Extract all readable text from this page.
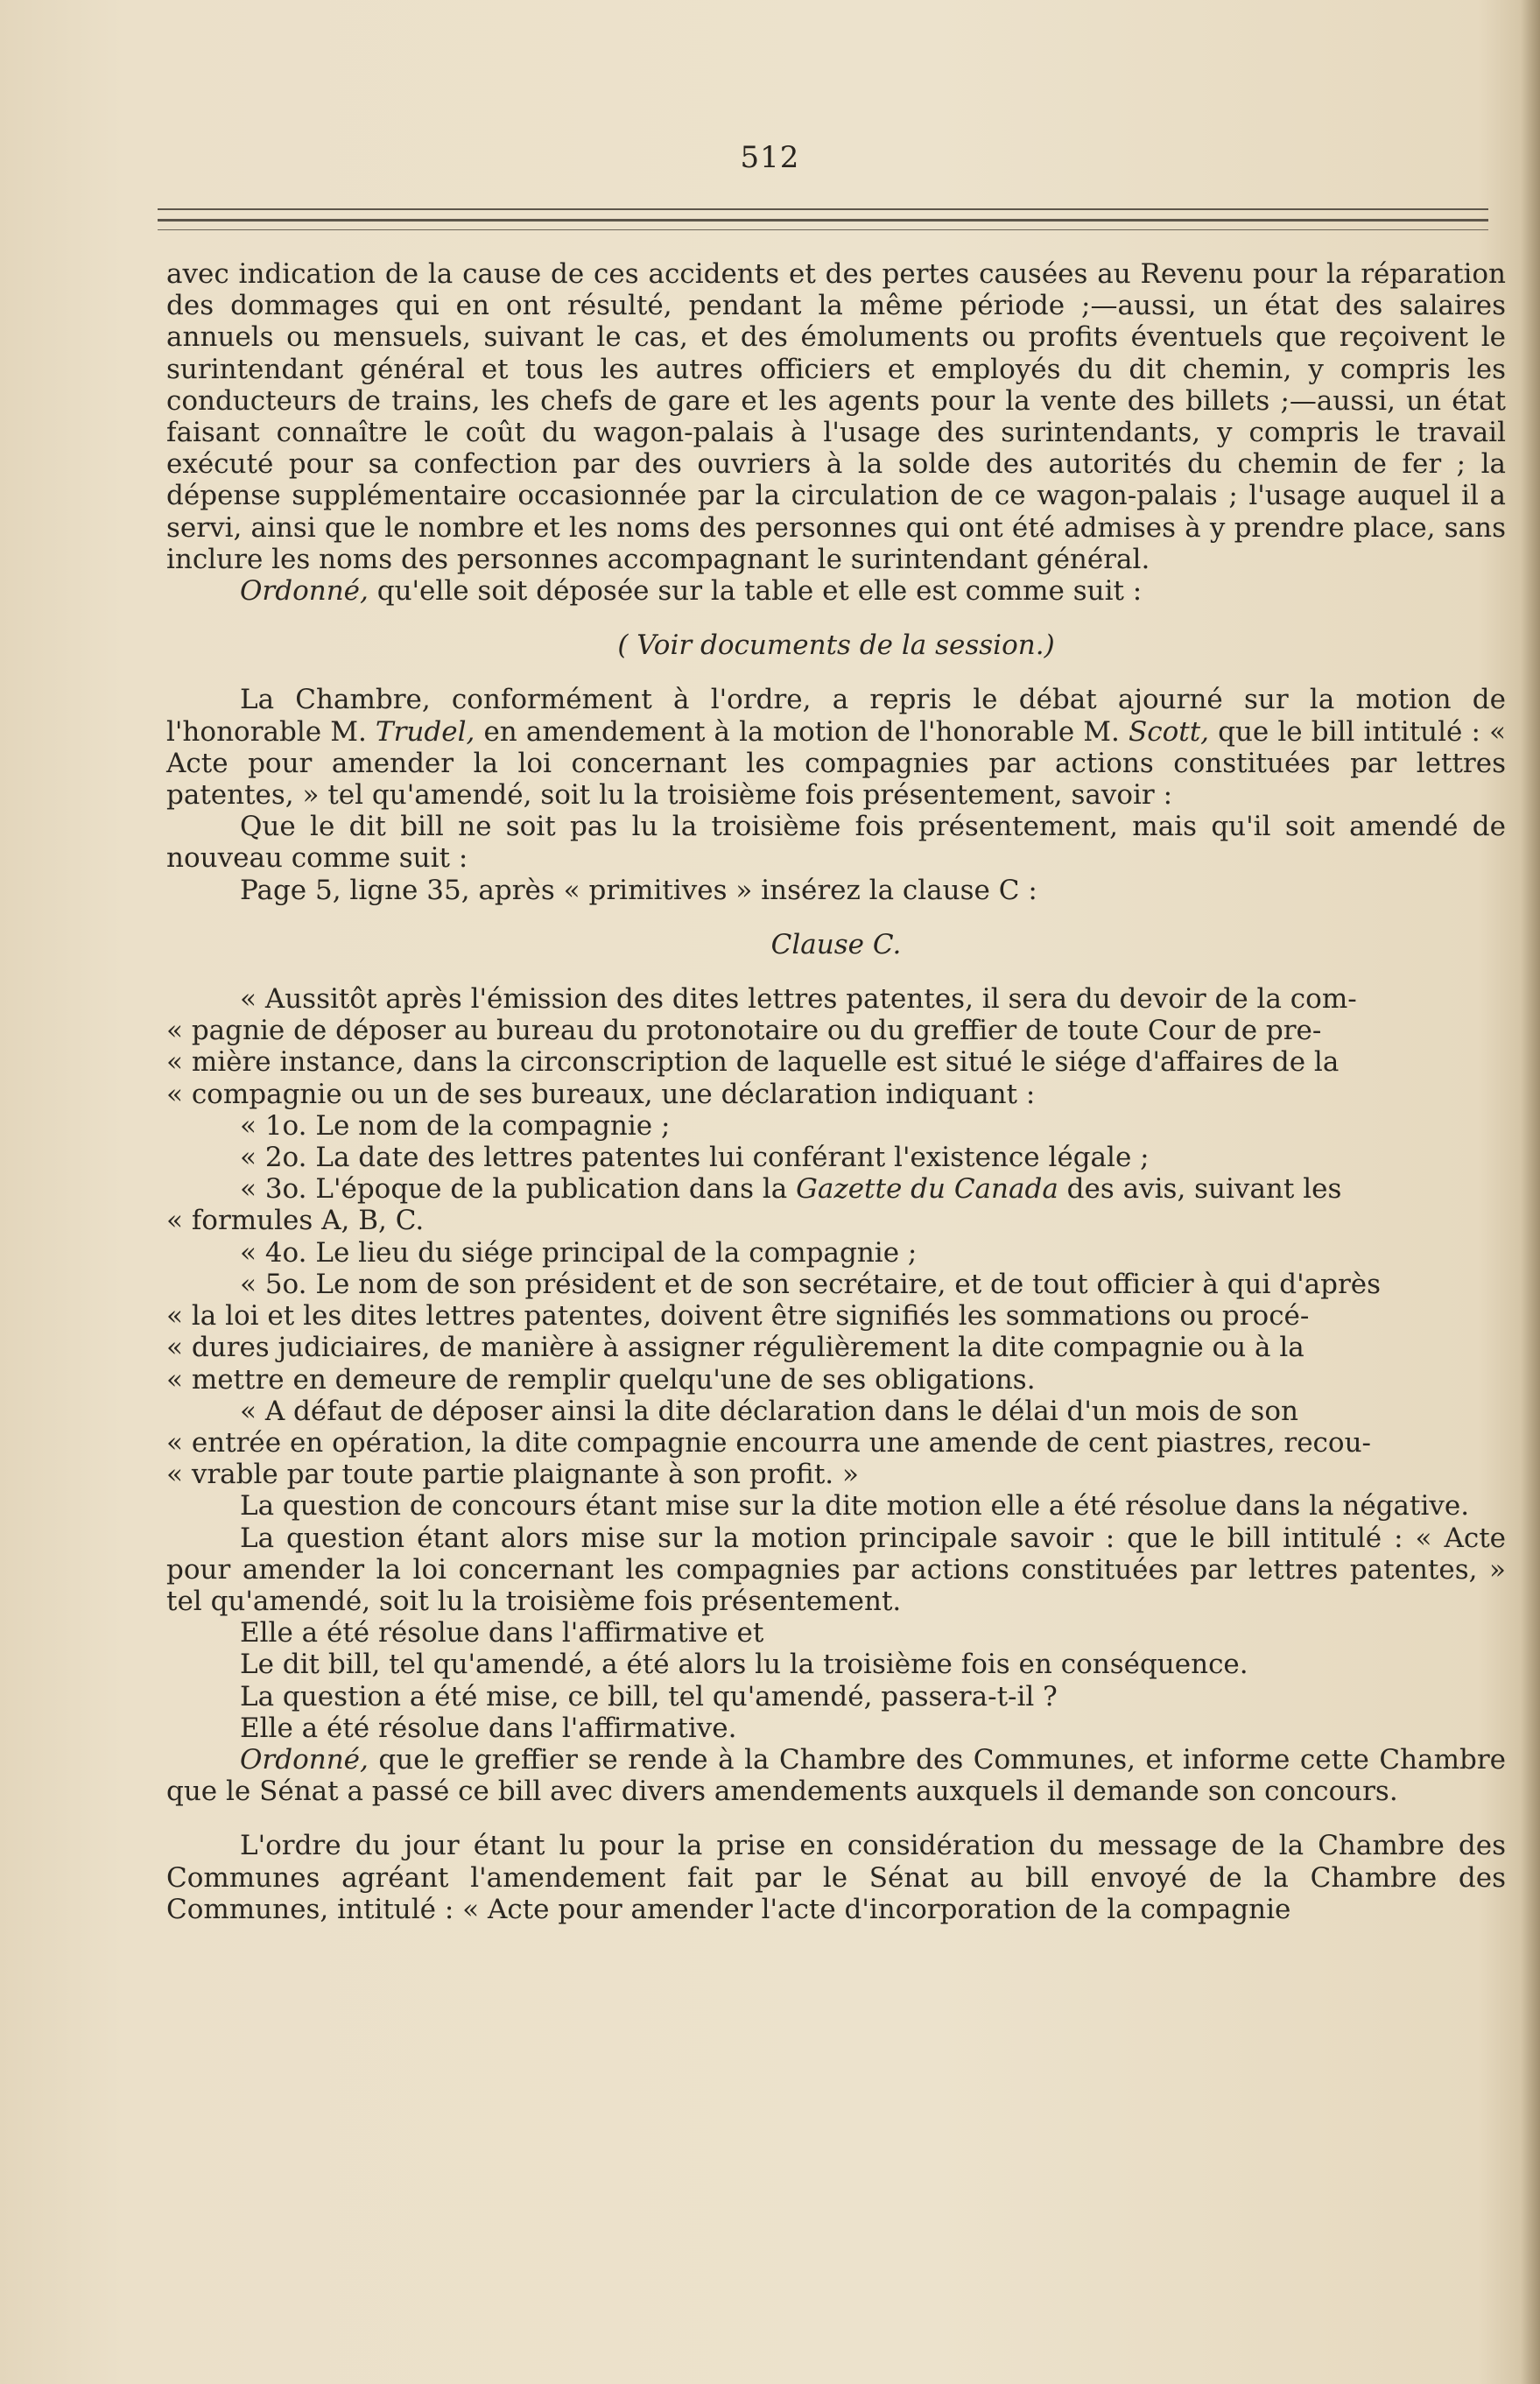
512

avec indication de la cause de ces accidents et des pertes causées au Revenu pour la réparation des dommages qui en ont résulté, pendant la même période ;—aussi, un état des salaires annuels ou mensuels, suivant le cas, et des émoluments ou profits éventuels que reçoivent le surintendant général et tous les autres officiers et employés du dit chemin, y compris les conducteurs de trains, les chefs de gare et les agents pour la vente des billets ;—aussi, un état faisant connaître le coût du wagon-palais à l'usage des surintendants, y compris le travail exécuté pour sa confection par des ouvriers à la solde des autorités du chemin de fer ; la dépense supplémentaire occasionnée par la circulation de ce wagon-palais ; l'usage auquel il a servi, ainsi que le nombre et les noms des personnes qui ont été admises à y prendre place, sans inclure les noms des personnes accompagnant le surintendant général.

Ordonné, qu'elle soit déposée sur la table et elle est comme suit :

( Voir documents de la session.)

La Chambre, conformément à l'ordre, a repris le débat ajourné sur la motion de l'honorable M. Trudel, en amendement à la motion de l'honorable M. Scott, que le bill intitulé : « Acte pour amender la loi concernant les compagnies par actions constituées par lettres patentes, » tel qu'amendé, soit lu la troisième fois présentement, savoir :

Que le dit bill ne soit pas lu la troisième fois présentement, mais qu'il soit amendé de nouveau comme suit :

Page 5, ligne 35, après « primitives » insérez la clause C :

Clause C.

« Aussitôt après l'émission des dites lettres patentes, il sera du devoir de la com-

« pagnie de déposer au bureau du protonotaire ou du greffier de toute Cour de pre-

« mière instance, dans la circonscription de laquelle est situé le siége d'affaires de la

« compagnie ou un de ses bureaux, une déclaration indiquant :

« 1o. Le nom de la compagnie ;

« 2o. La date des lettres patentes lui conférant l'existence légale ;

« 3o. L'époque de la publication dans la Gazette du Canada des avis, suivant les

« formules A, B, C.

« 4o. Le lieu du siége principal de la compagnie ;

« 5o. Le nom de son président et de son secrétaire, et de tout officier à qui d'après

« la loi et les dites lettres patentes, doivent être signifiés les sommations ou procé-

« dures judiciaires, de manière à assigner régulièrement la dite compagnie ou à la

« mettre en demeure de remplir quelqu'une de ses obligations.

« A défaut de déposer ainsi la dite déclaration dans le délai d'un mois de son

« entrée en opération, la dite compagnie encourra une amende de cent piastres, recou-

« vrable par toute partie plaignante à son profit. »

La question de concours étant mise sur la dite motion elle a été résolue dans la négative.

La question étant alors mise sur la motion principale savoir : que le bill intitulé : « Acte pour amender la loi concernant les compagnies par actions constituées par lettres patentes, » tel qu'amendé, soit lu la troisième fois présentement.

Elle a été résolue dans l'affirmative et

Le dit bill, tel qu'amendé, a été alors lu la troisième fois en conséquence.

La question a été mise, ce bill, tel qu'amendé, passera-t-il ?

Elle a été résolue dans l'affirmative.

Ordonné, que le greffier se rende à la Chambre des Communes, et informe cette Chambre que le Sénat a passé ce bill avec divers amendements auxquels il demande son concours.

L'ordre du jour étant lu pour la prise en considération du message de la Chambre des Communes agréant l'amendement fait par le Sénat au bill envoyé de la Chambre des Communes, intitulé : « Acte pour amender l'acte d'incorporation de la compagnie
